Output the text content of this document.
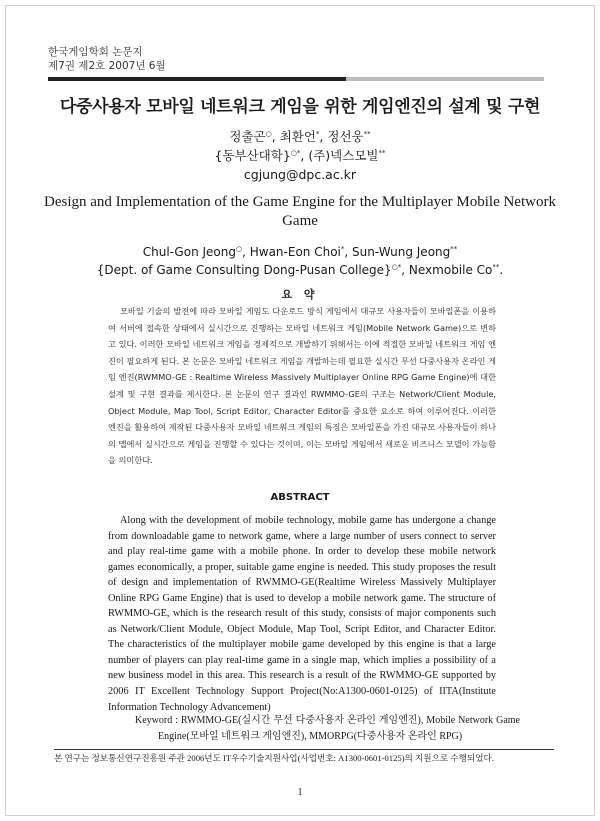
한국게임학회 논문지
제7권 제2호 2007년 6월
다중사용자 모바일 네트워크 게임을 위한 게임엔진의 설계 및 구현
정출곤○, 최환언*, 정선웅**
{동부산대학}○*, (주)넥스모빌**
cgjung@dpc.ac.kr
Design and Implementation of the Game Engine for the Multiplayer Mobile Network Game
Chul-Gon Jeong○, Hwan-Eon Choi*, Sun-Wung Jeong**
{Dept. of Game Consulting Dong-Pusan College}○*, Nexmobile Co**.
요 약
모바일 기술의 발전에 따라 모바일 게임도 다운로드 방식 게임에서 대규모 사용자들이 모바일폰을 이용하여 서버에 접속한 상태에서 실시간으로 진행하는 모바일 네트워크 게임(Mobile Network Game)으로 변하고 있다. 이러한 모바일 네트워크 게임을 경제적으로 개발하기 위해서는 이에 적절한 모바일 네트워크 게임 엔진이 필요하게 된다. 본 논문은 모바일 네트워크 게임을 개발하는데 필요한 실시간 무선 다중사용자 온라인 게임 엔진(RWMMO-GE : Realtime Wireless Massively Multiplayer Online RPG Game Engine)에 대한 설계 및 구현 결과를 제시한다. 본 논문의 연구 결과인 RWMMO-GE의 구조는 Network/Client Module, Object Module, Map Tool, Script Editor, Character Editor를 중요한 요소로 하여 이루어진다. 이러한 엔진을 활용하여 제작된 다중사용자 모바일 네트워크 게임의 특징은 모바일폰을 가진 대규모 사용자들이 하나의 맵에서 실시간으로 게임을 진행할 수 있다는 것이며, 이는 모바일 게임에서 새로운 비즈니스 모델이 가능함을 의미한다.
ABSTRACT
Along with the development of mobile technology, mobile game has undergone a change from downloadable game to network game, where a large number of users connect to server and play real-time game with a mobile phone. In order to develop these mobile network games economically, a proper, suitable game engine is needed. This study proposes the result of design and implementation of RWMMO-GE(Realtime Wireless Massively Multiplayer Online RPG Game Engine) that is used to develop a mobile network game. The structure of RWMMO-GE, which is the research result of this study, consists of major components such as Network/Client Module, Object Module, Map Tool, Script Editor, and Character Editor. The characteristics of the multiplayer mobile game developed by this engine is that a large number of players can play real-time game in a single map, which implies a possibility of a new business model in this area. This research is a result of the RWMMO-GE supported by 2006 IT Excellent Technology Support Project(No:A1300-0601-0125) of IITA(Institute Information Technology Advancement)
Keyword : RWMMO-GE(실시간 무선 다중사용자 온라인 게임엔진), Mobile Network Game Engine(모바일 네트워크 게임엔진), MMORPG(다중사용자 온라인 RPG)
본 연구는 정보통신연구진흥원 주관 2006년도 IT우수기술지원사업(사업번호: A1300-0601-0125)의 지원으로 수행되었다.
1
